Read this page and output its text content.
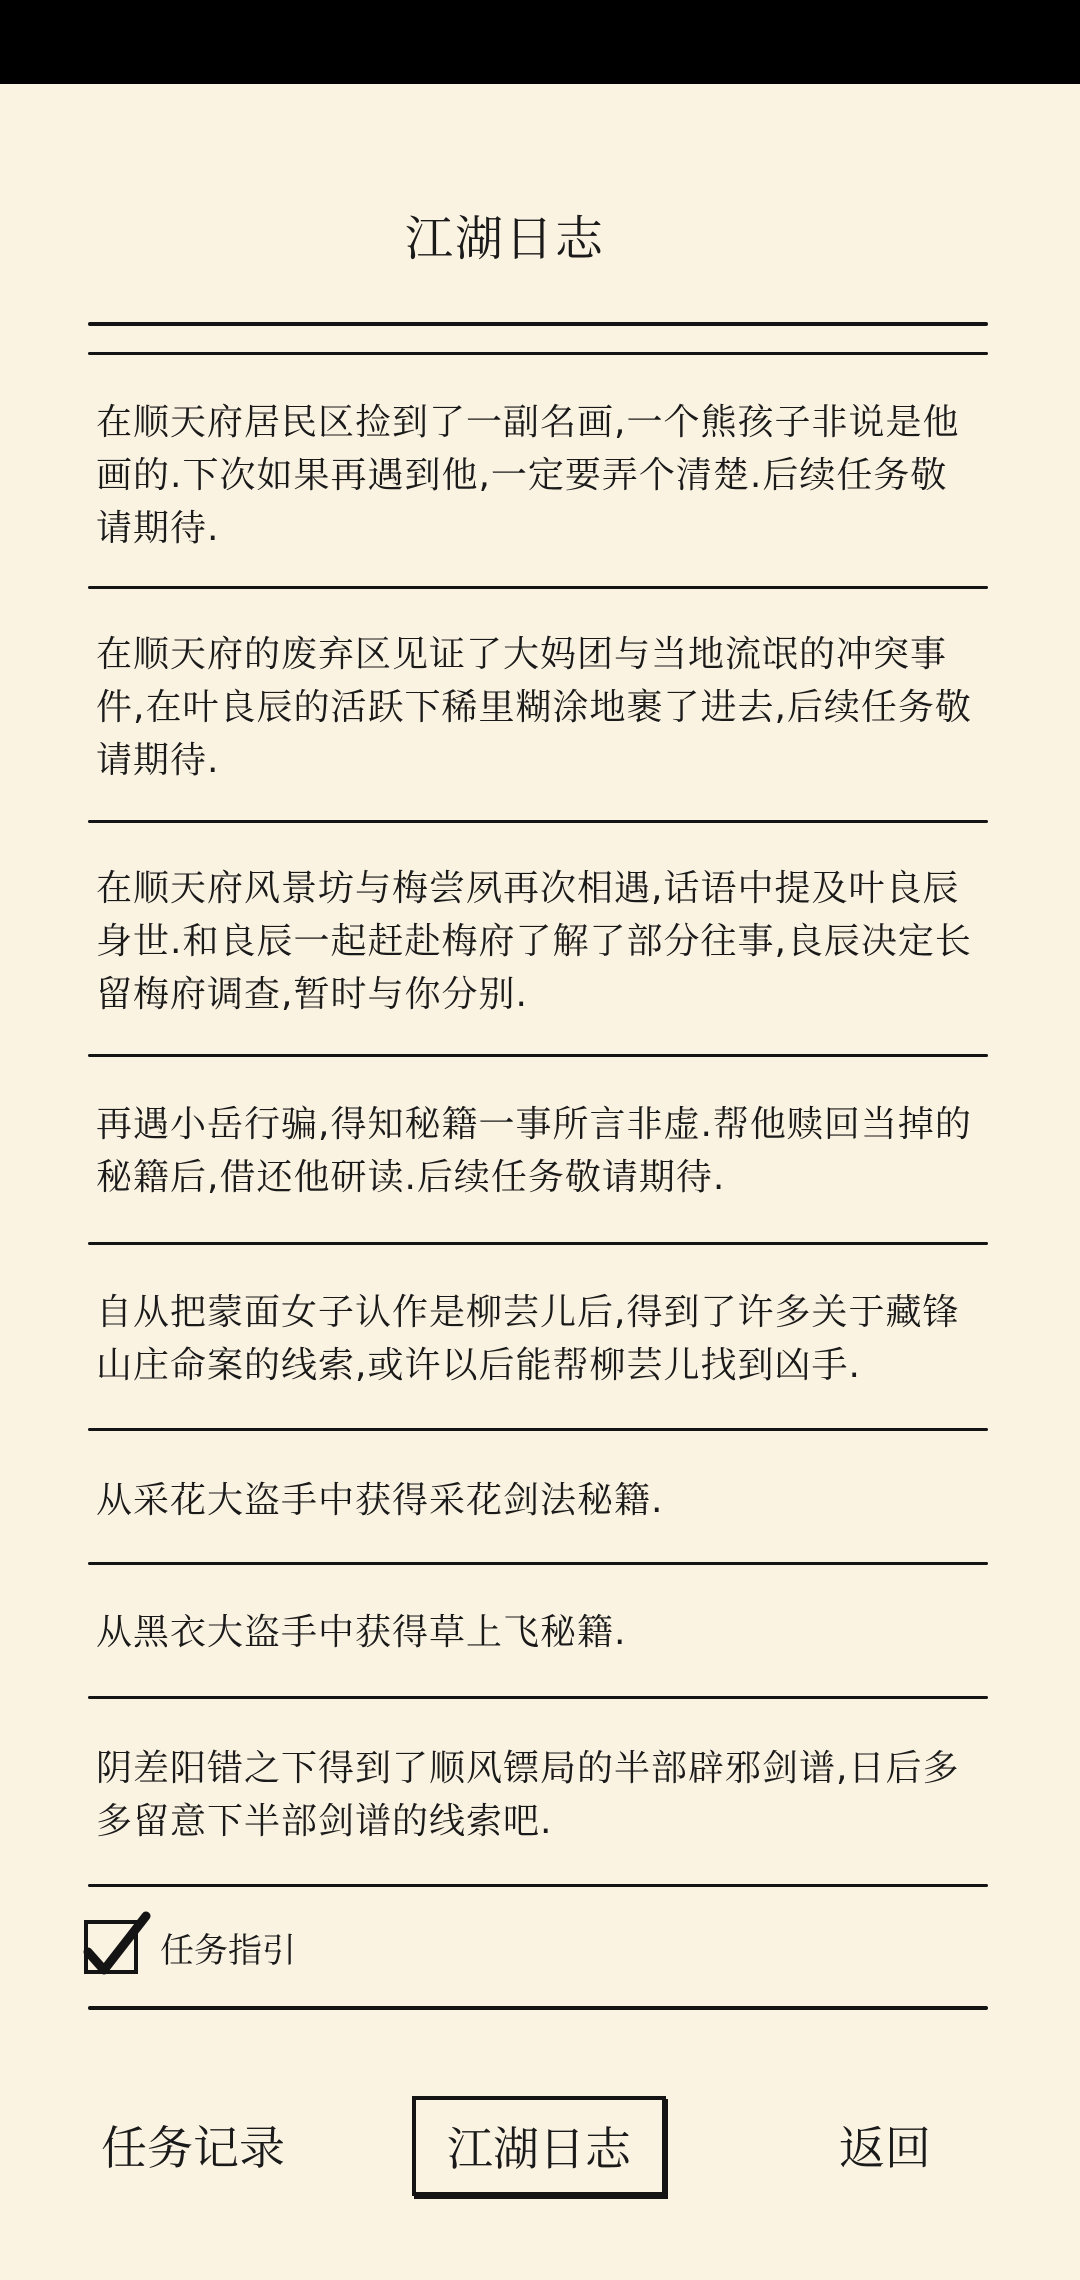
江湖日志
在顺天府居民区捡到了一副名画,一个熊孩子非说是他画的.下次如果再遇到他,一定要弄个清楚.后续任务敬请期待.
在顺天府的废弃区见证了大妈团与当地流氓的冲突事件,在叶良辰的活跃下稀里糊涂地裹了进去,后续任务敬请期待.
在顺天府风景坊与梅尝夙再次相遇,话语中提及叶良辰身世.和良辰一起赶赴梅府了解了部分往事,良辰决定长留梅府调查,暂时与你分别.
再遇小岳行骗,得知秘籍一事所言非虚.帮他赎回当掉的秘籍后,借还他研读.后续任务敬请期待.
自从把蒙面女子认作是柳芸儿后,得到了许多关于藏锋山庄命案的线索,或许以后能帮柳芸儿找到凶手.
从采花大盗手中获得采花剑法秘籍.
从黑衣大盗手中获得草上飞秘籍.
阴差阳错之下得到了顺风镖局的半部辟邪剑谱,日后多多留意下半部剑谱的线索吧.
任务指引
任务记录	江湖日志	返回
